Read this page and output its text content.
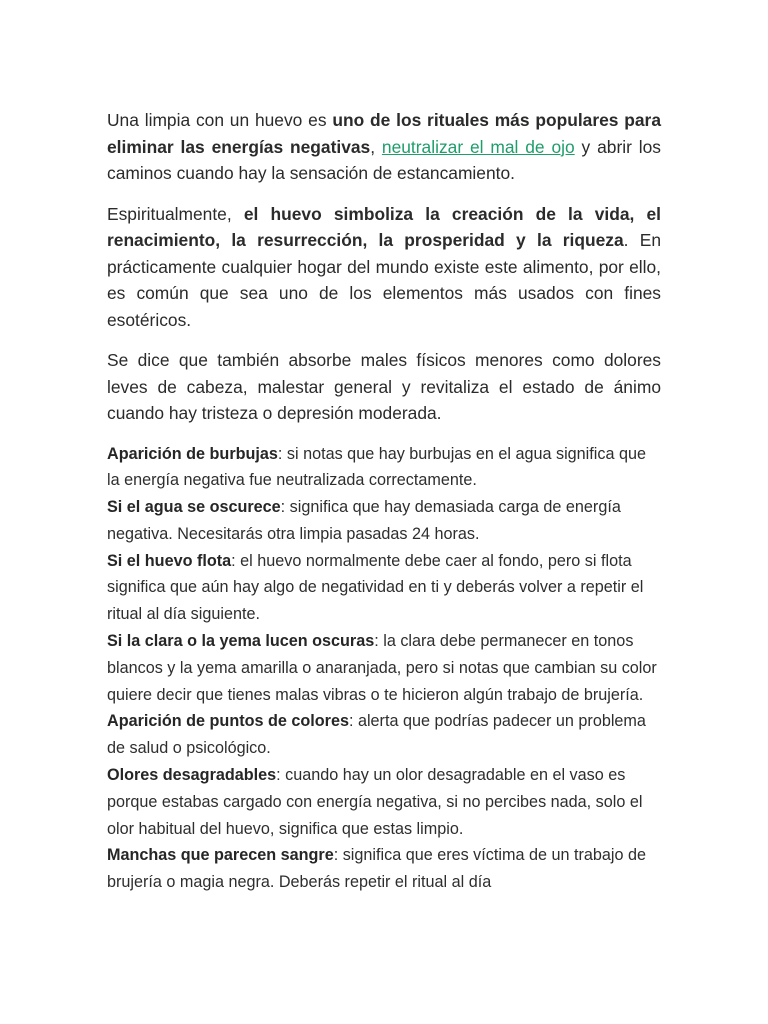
Una limpia con un huevo es uno de los rituales más populares para eliminar las energías negativas, neutralizar el mal de ojo y abrir los caminos cuando hay la sensación de estancamiento.

Espiritualmente, el huevo simboliza la creación de la vida, el renacimiento, la resurrección, la prosperidad y la riqueza. En prácticamente cualquier hogar del mundo existe este alimento, por ello, es común que sea uno de los elementos más usados con fines esotéricos.

Se dice que también absorbe males físicos menores como dolores leves de cabeza, malestar general y revitaliza el estado de ánimo cuando hay tristeza o depresión moderada.

Aparición de burbujas: si notas que hay burbujas en el agua significa que la energía negativa fue neutralizada correctamente.
Si el agua se oscurece: significa que hay demasiada carga de energía negativa. Necesitarás otra limpia pasadas 24 horas.
Si el huevo flota: el huevo normalmente debe caer al fondo, pero si flota significa que aún hay algo de negatividad en ti y deberás volver a repetir el ritual al día siguiente.
Si la clara o la yema lucen oscuras: la clara debe permanecer en tonos blancos y la yema amarilla o anaranjada, pero si notas que cambian su color quiere decir que tienes malas vibras o te hicieron algún trabajo de brujería.
Aparición de puntos de colores: alerta que podrías padecer un problema de salud o psicológico.
Olores desagradables: cuando hay un olor desagradable en el vaso es porque estabas cargado con energía negativa, si no percibes nada, solo el olor habitual del huevo, significa que estas limpio.
Manchas que parecen sangre: significa que eres víctima de un trabajo de brujería o magia negra. Deberás repetir el ritual al día
